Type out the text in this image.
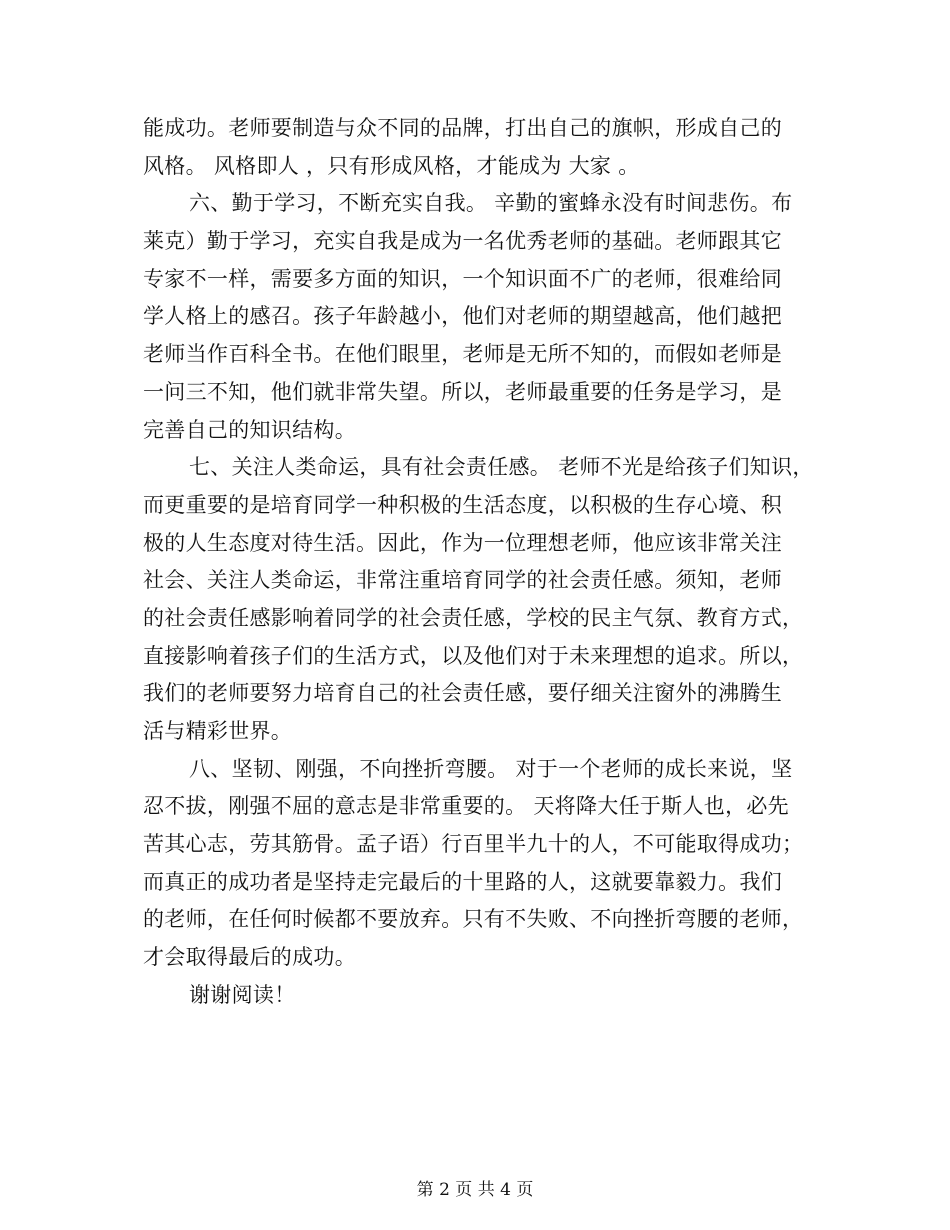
能成功。老师要制造与众不同的品牌，打出自己的旗帜，形成自己的
风格。 风格即人 ，只有形成风格，才能成为 大家 。
六、勤于学习，不断充实自我。 辛勤的蜜蜂永没有时间悲伤。布
莱克）勤于学习，充实自我是成为一名优秀老师的基础。老师跟其它
专家不一样，需要多方面的知识，一个知识面不广的老师，很难给同
学人格上的感召。孩子年龄越小，他们对老师的期望越高，他们越把
老师当作百科全书。在他们眼里，老师是无所不知的，而假如老师是
一问三不知，他们就非常失望。所以，老师最重要的任务是学习，是
完善自己的知识结构。
七、关注人类命运，具有社会责任感。 老师不光是给孩子们知识，
而更重要的是培育同学一种积极的生活态度，以积极的生存心境、积
极的人生态度对待生活。因此，作为一位理想老师，他应该非常关注
社会、关注人类命运，非常注重培育同学的社会责任感。须知，老师
的社会责任感影响着同学的社会责任感，学校的民主气氛、教育方式，
直接影响着孩子们的生活方式，以及他们对于未来理想的追求。所以，
我们的老师要努力培育自己的社会责任感，要仔细关注窗外的沸腾生
活与精彩世界。
八、坚韧、刚强，不向挫折弯腰。 对于一个老师的成长来说，坚
忍不拔，刚强不屈的意志是非常重要的。 天将降大任于斯人也，必先
苦其心志，劳其筋骨。孟子语）行百里半九十的人，不可能取得成功；
而真正的成功者是坚持走完最后的十里路的人，这就要靠毅力。我们
的老师，在任何时候都不要放弃。只有不失败、不向挫折弯腰的老师，
才会取得最后的成功。
谢谢阅读！
第 2 页 共 4 页
